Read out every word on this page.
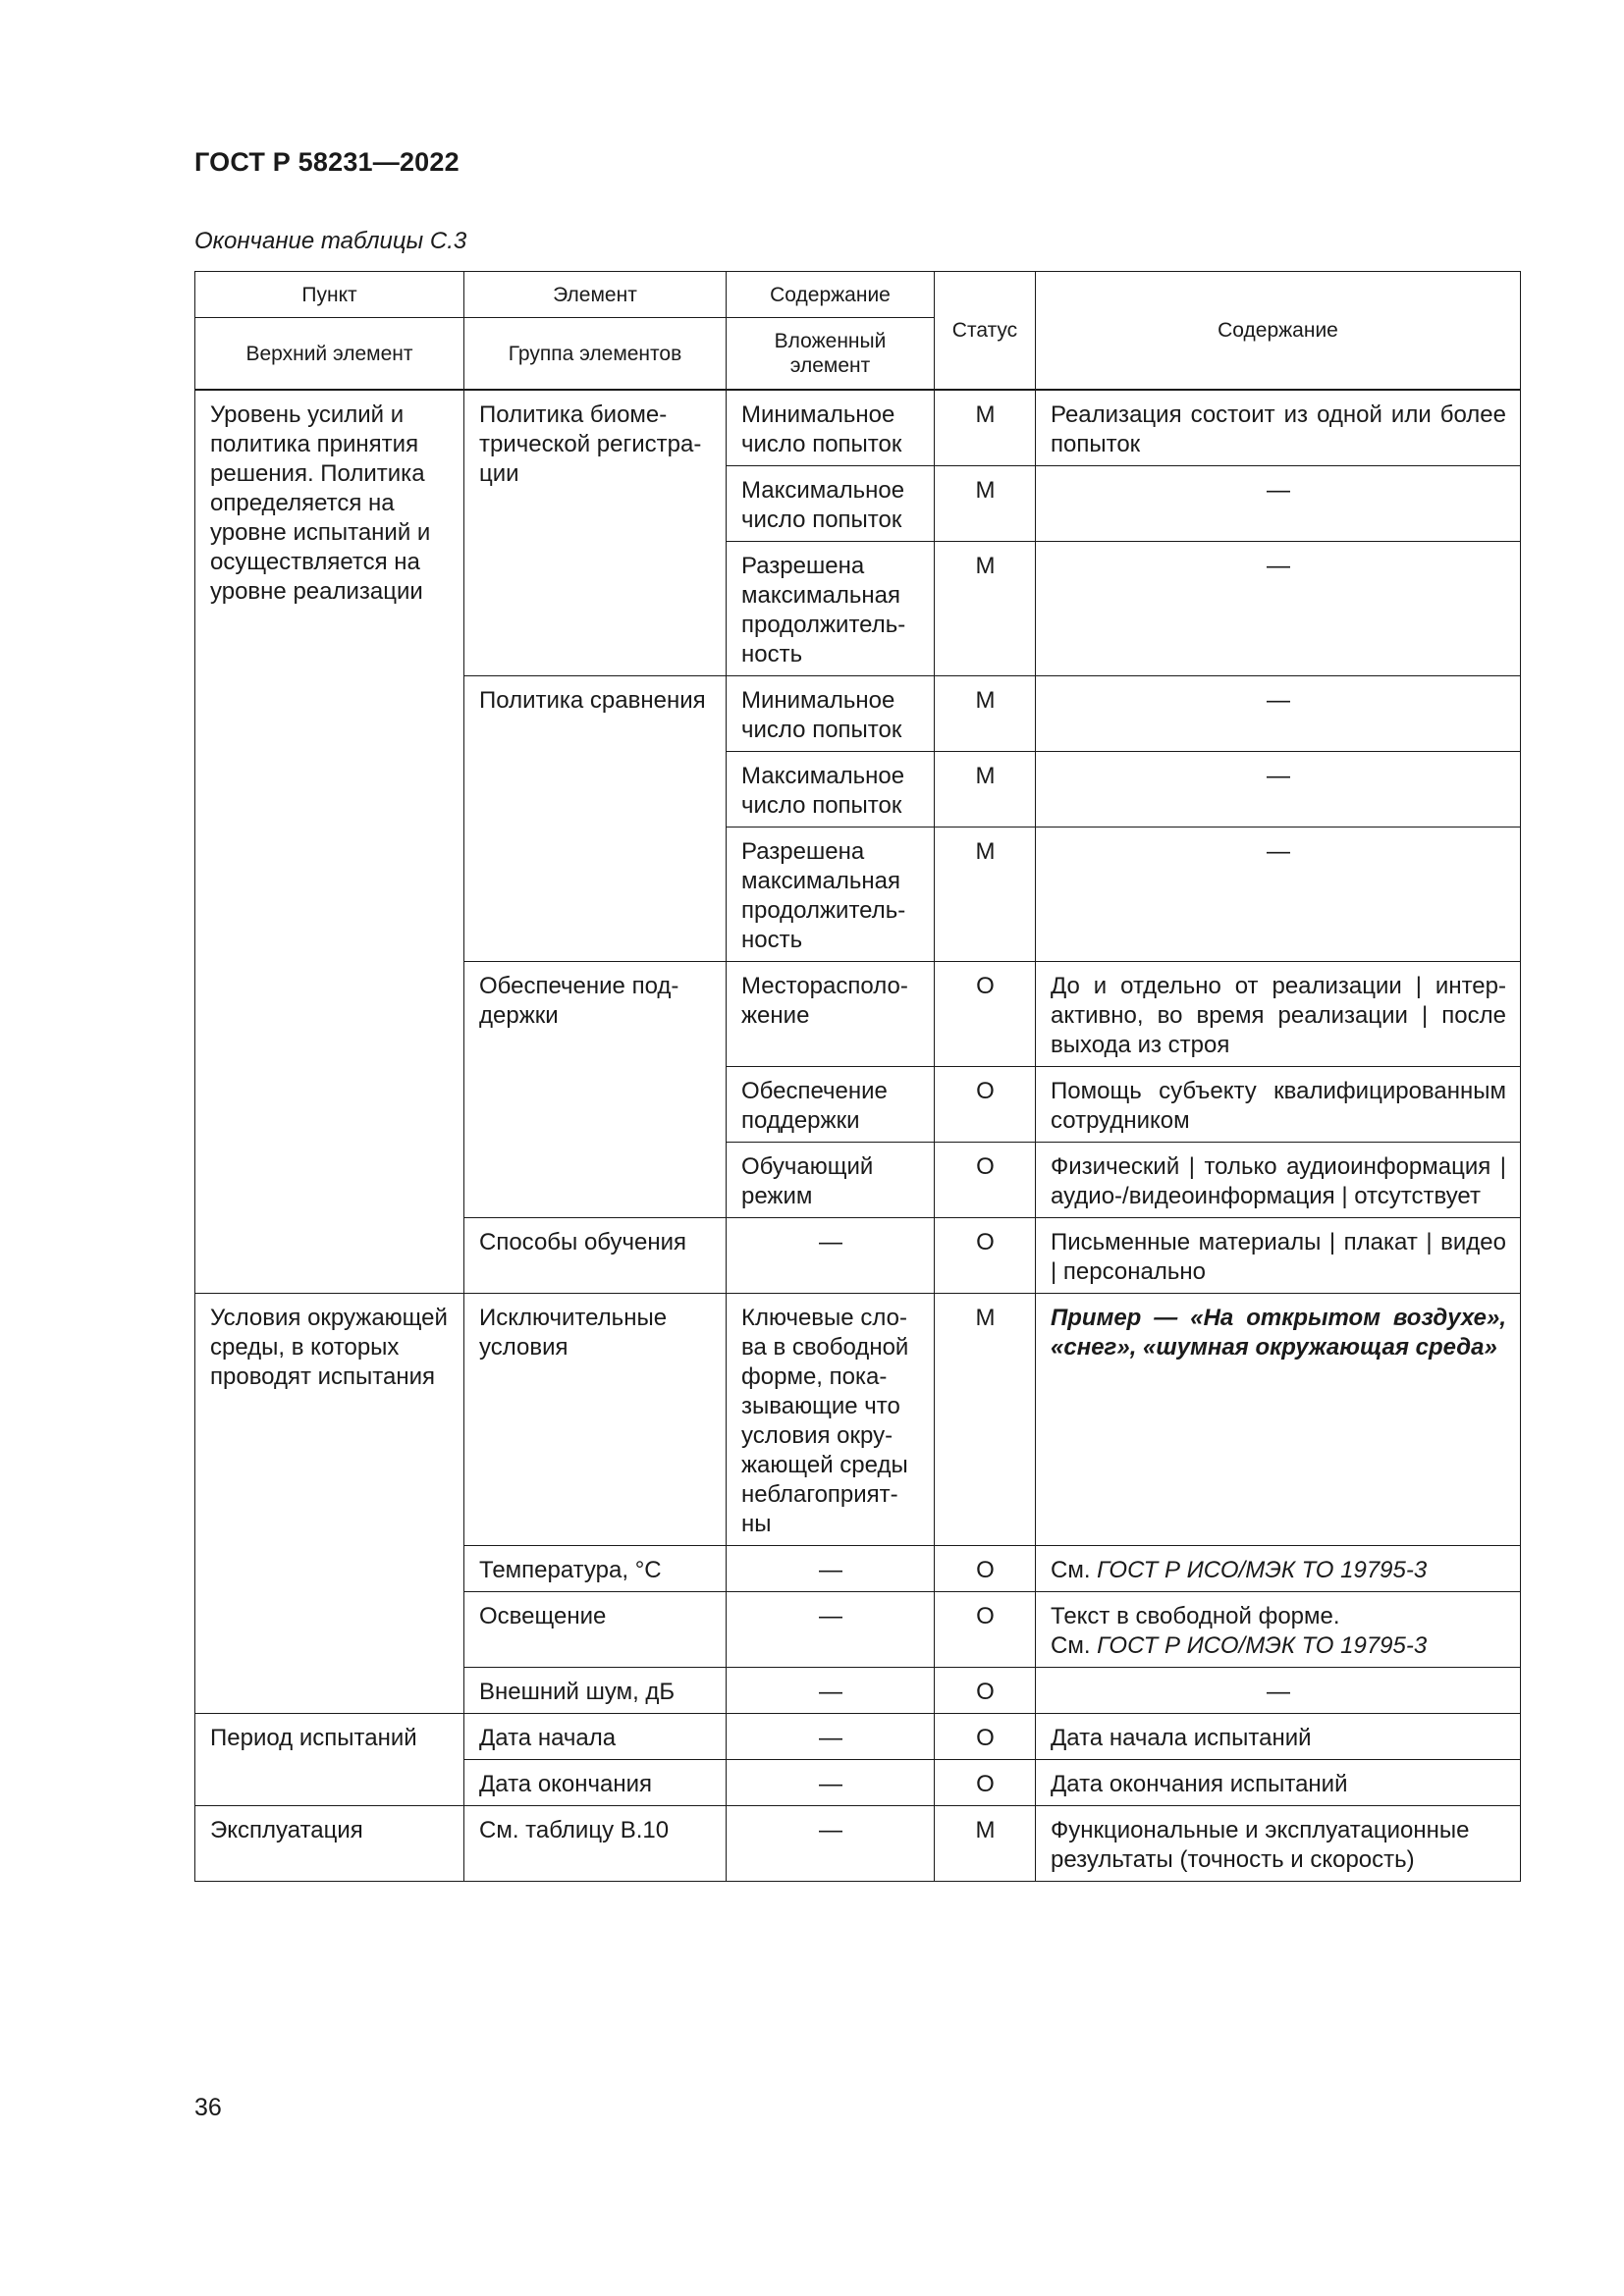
ГОСТ Р 58231—2022
Окончание таблицы С.3
Пункт	Элемент	Содержание	Статус	Содержание
Верхний элемент	Группа элементов	Вложенный элемент		
Уровень усилий и политика принятия решения. Политика определяется на уровне испытаний и осуществляется на уровне реализации	Политика биометрической регистрации	Минимальное число попыток	M	Реализация состоит из одной или более попыток
		Максимальное число попыток	M	—
		Разрешена максимальная продолжительность	M	—
	Политика сравнения	Минимальное число попыток	M	—
		Максимальное число попыток	M	—
		Разрешена максимальная продолжительность	M	—
	Обеспечение поддержки	Месторасположение	O	До и отдельно от реализации | интерактивно, во время реализации | после выхода из строя
		Обеспечение поддержки	O	Помощь субъекту квалифицированным сотрудником
		Обучающий режим	O	Физический | только аудиоинформация | аудио-/видеоинформация | отсутствует
	Способы обучения	—	O	Письменные материалы | плакат | видео | персонально
Условия окружающей среды, в которых проводят испытания	Исключительные условия	Ключевые слова в свободной форме, показывающие что условия окружающей среды неблагоприятны	M	Пример — «На открытом воздухе», «снег», «шумная окружающая среда»
	Температура, °С	—	O	См. ГОСТ Р ИСО/МЭК ТО 19795-3
	Освещение	—	O	Текст в свободной форме.
См. ГОСТ Р ИСО/МЭК ТО 19795-3
	Внешний шум, дБ	—	O	—
Период испытаний	Дата начала	—	O	Дата начала испытаний
	Дата окончания	—	O	Дата окончания испытаний
Эксплуатация	См. таблицу В.10	—	M	Функциональные и эксплуатационные результаты (точность и скорость)
36
